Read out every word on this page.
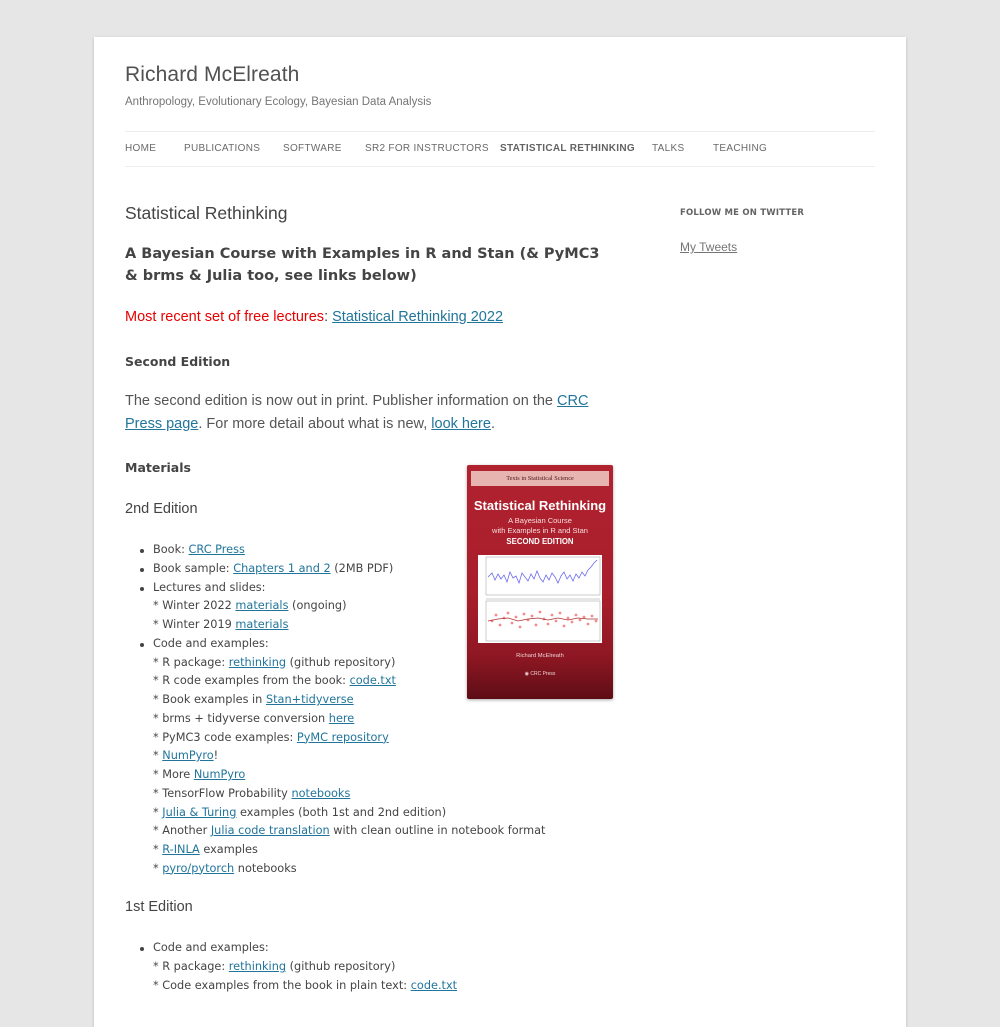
Richard McElreath

Anthropology, Evolutionary Ecology, Bayesian Data Analysis

HOME	PUBLICATIONS SOFTWARE SR2 FOR INSTRUCTORS STATISTICAL RETHINKING TALKS	TEACHING
Statistical Rethinking
A Bayesian Course with Examples in R and Stan (& PyMC3 & brms & Julia too, see links below)

Most recent set of free lectures: Statistical Rethinking 2022

Second Edition

The second edition is now out in print. Publisher information on the CRC Press page. For more detail about what is new, look here.

Materials
2nd Edition
Book: CRC Press
Book sample: Chapters 1 and 2 (2MB PDF)
Lectures and slides:
* Winter 2022 materials (ongoing)
* Winter 2019 materials
Code and examples:
* R package: rethinking (github repository)
* R code examples from the book: code.txt
* Book examples in Stan+tidyverse
* brms + tidyverse conversion here
* PyMC3 code examples: PyMC repository
* NumPyro!
* More NumPyro
* TensorFlow Probability notebooks
* Julia & Turing examples (both 1st and 2nd edition)
* Another Julia code translation with clean outline in notebook format
* R-INLA examples
* pyro/pytorch notebooks
1st Edition
Code and examples:
* R package: rethinking (github repository)
* Code examples from the book in plain text: code.txt
Texts in Statistical Science
Statistical Rethinking
A Bayesian Course
with Examples in R and Stan
SECOND EDITION
Richard McElreath
◉ CRC Press
FOLLOW ME ON TWITTER
My Tweets
